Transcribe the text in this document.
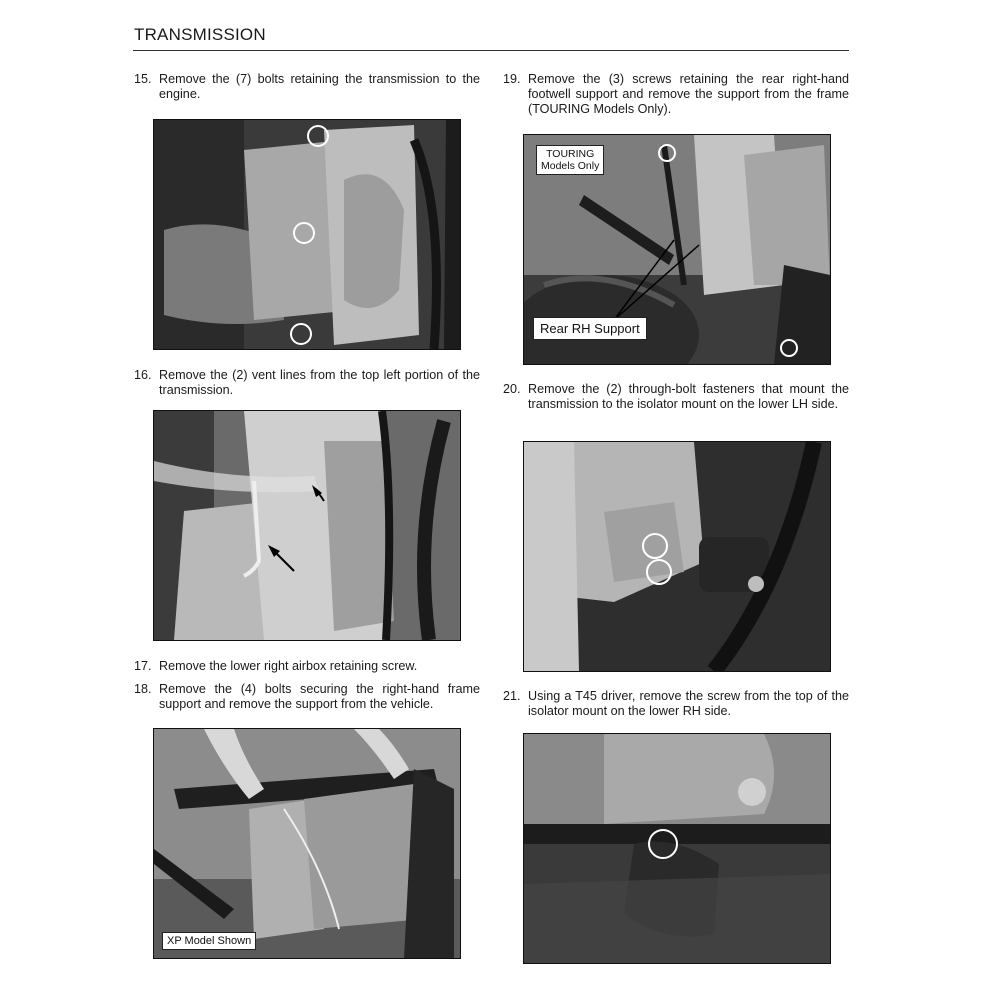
TRANSMISSION
15. Remove the (7) bolts retaining the transmission to the engine.
16. Remove the (2) vent lines from the top left portion of the transmission.
17. Remove the lower right airbox retaining screw.
18. Remove the (4) bolts securing the right-hand frame support and remove the support from the vehicle.
XP Model Shown
19. Remove the (3) screws retaining the rear right-hand footwell support and remove the support from the frame (TOURING Models Only).
TOURING
Models Only
Rear RH Support
20. Remove the (2) through-bolt fasteners that mount the transmission to the isolator mount on the lower LH side.
21. Using a T45 driver, remove the screw from the top of the isolator mount on the lower RH side.
